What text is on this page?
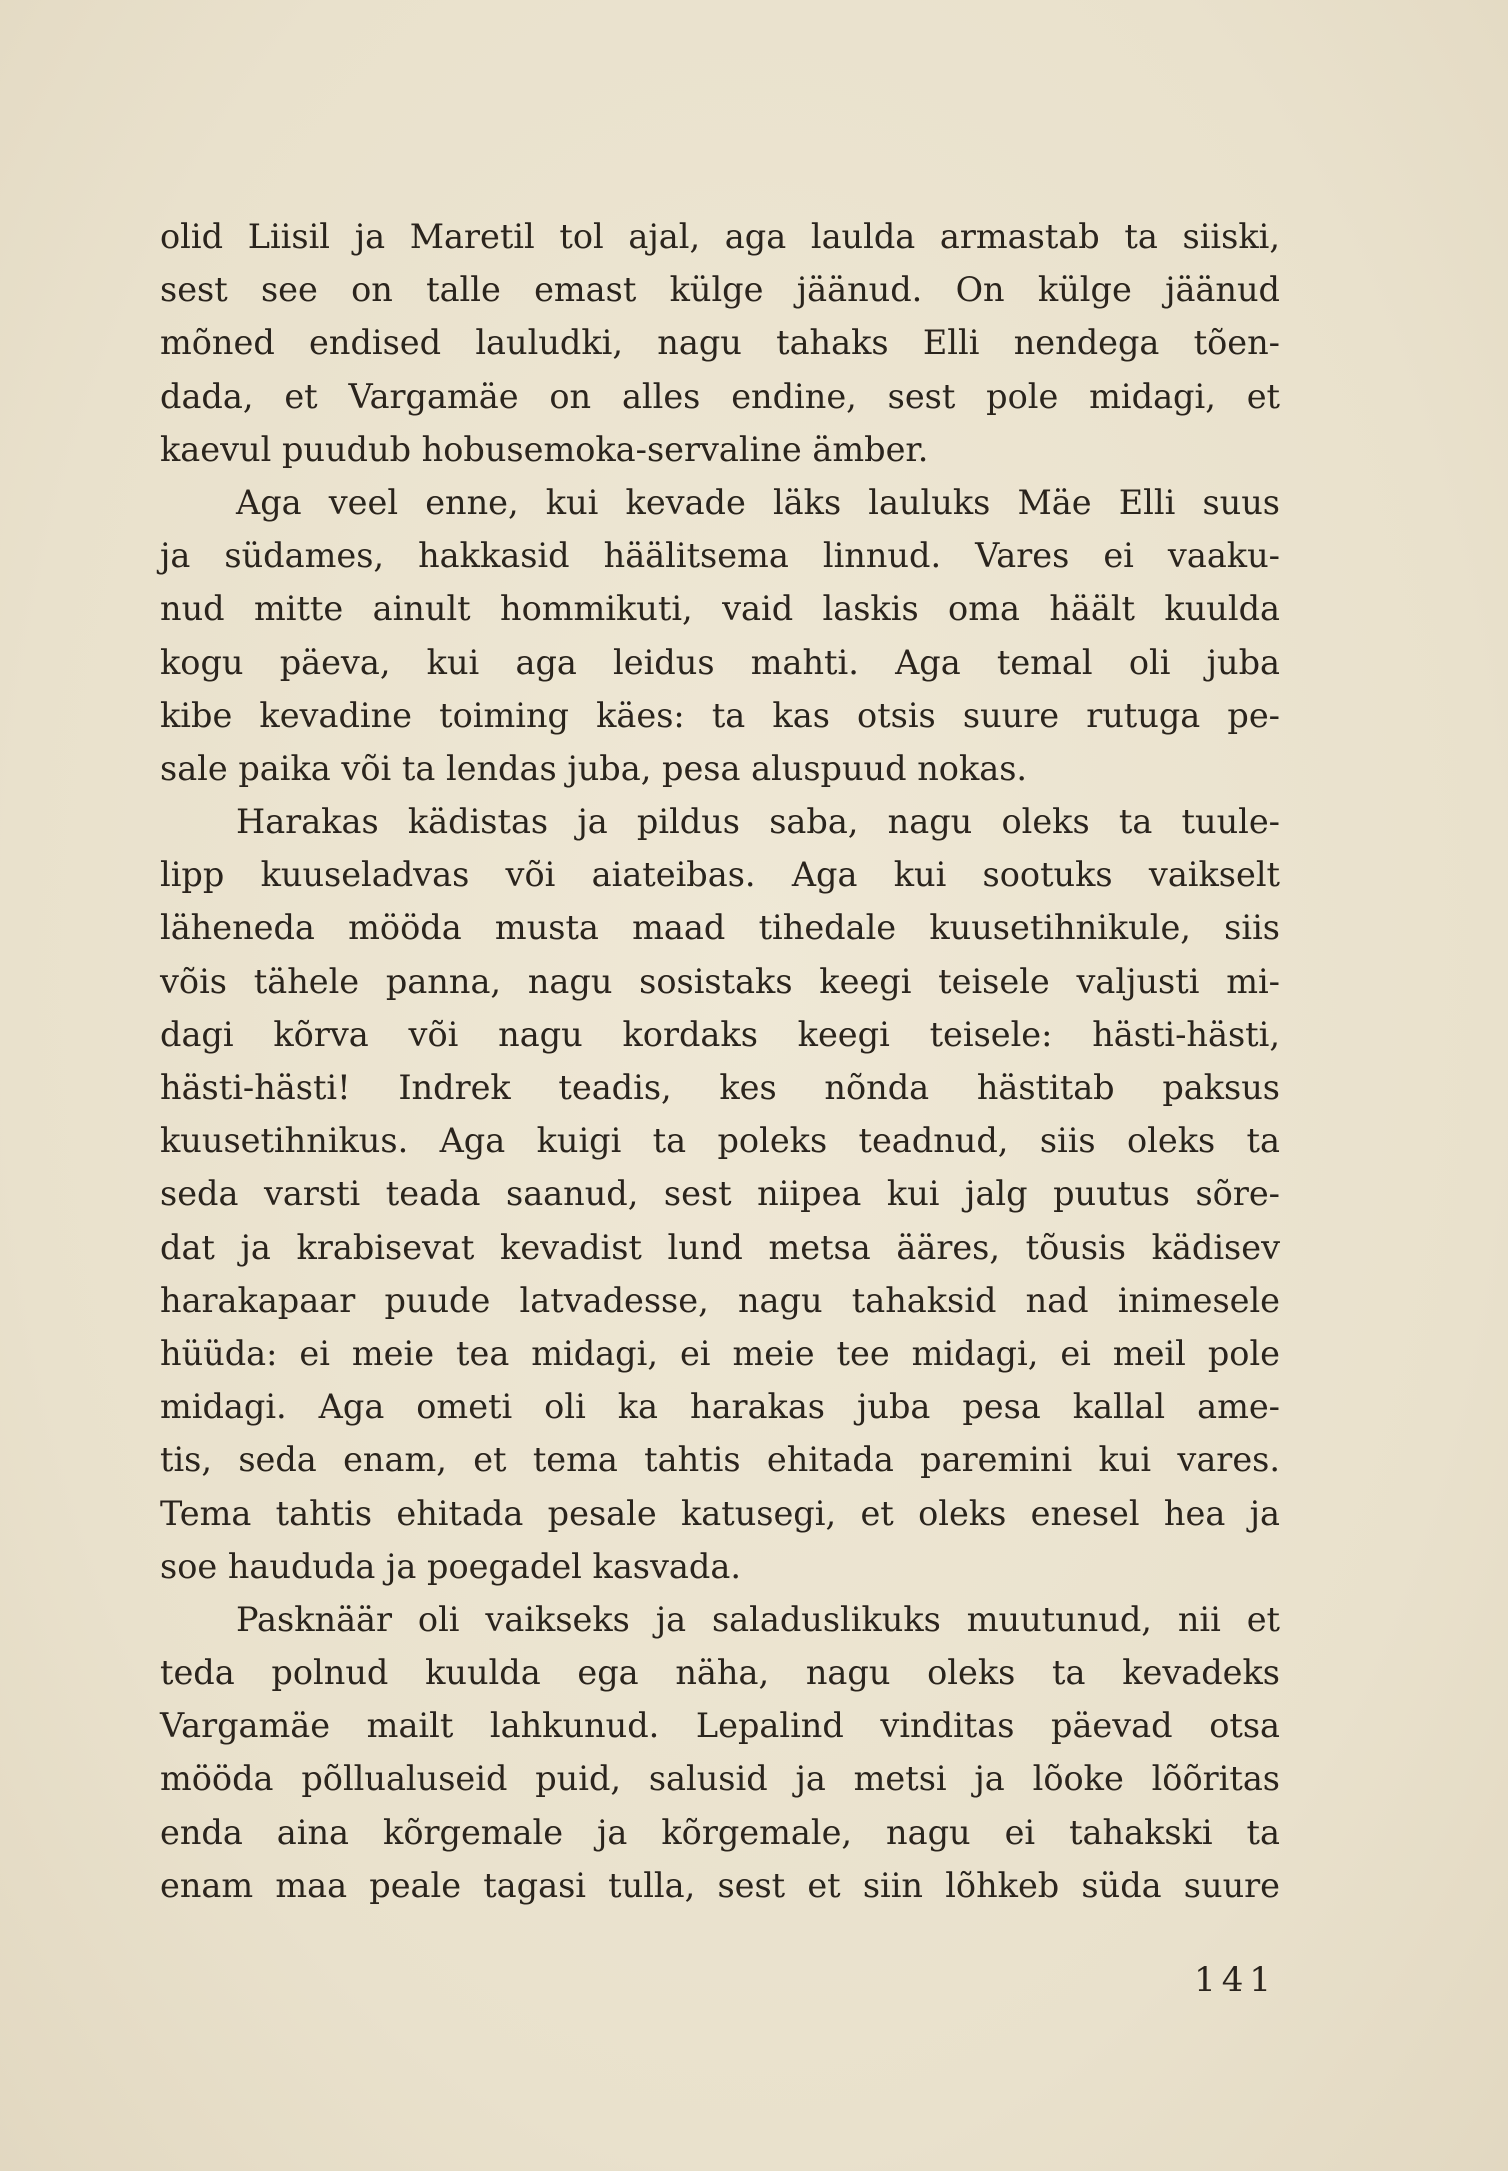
olid Liisil ja Maretil tol ajal, aga laulda armastab ta siiski,
sest see on talle emast külge jäänud. On külge jäänud
mõned endised lauludki, nagu tahaks Elli nendega tõen-
dada, et Vargamäe on alles endine, sest pole midagi, et
kaevul puudub hobusemoka-servaline ämber.
Aga veel enne, kui kevade läks lauluks Mäe Elli suus
ja südames, hakkasid häälitsema linnud. Vares ei vaaku-
nud mitte ainult hommikuti, vaid laskis oma häält kuulda
kogu päeva, kui aga leidus mahti. Aga temal oli juba
kibe kevadine toiming käes: ta kas otsis suure rutuga pe-
sale paika või ta lendas juba, pesa aluspuud nokas.
Harakas kädistas ja pildus saba, nagu oleks ta tuule-
lipp kuuseladvas või aiateibas. Aga kui sootuks vaikselt
läheneda mööda musta maad tihedale kuusetihnikule, siis
võis tähele panna, nagu sosistaks keegi teisele valjusti mi-
dagi kõrva või nagu kordaks keegi teisele: hästi-hästi,
hästi-hästi! Indrek teadis, kes nõnda hästitab paksus
kuusetihnikus. Aga kuigi ta poleks teadnud, siis oleks ta
seda varsti teada saanud, sest niipea kui jalg puutus sõre-
dat ja krabisevat kevadist lund metsa ääres, tõusis kädisev
harakapaar puude latvadesse, nagu tahaksid nad inimesele
hüüda: ei meie tea midagi, ei meie tee midagi, ei meil pole
midagi. Aga ometi oli ka harakas juba pesa kallal ame-
tis, seda enam, et tema tahtis ehitada paremini kui vares.
Tema tahtis ehitada pesale katusegi, et oleks enesel hea ja
soe haududa ja poegadel kasvada.
Pasknäär oli vaikseks ja saladuslikuks muutunud, nii et
teda polnud kuulda ega näha, nagu oleks ta kevadeks
Vargamäe mailt lahkunud. Lepalind vinditas päevad otsa
mööda põllualuseid puid, salusid ja metsi ja lõoke lõõritas
enda aina kõrgemale ja kõrgemale, nagu ei tahakski ta
enam maa peale tagasi tulla, sest et siin lõhkeb süda suure
141
